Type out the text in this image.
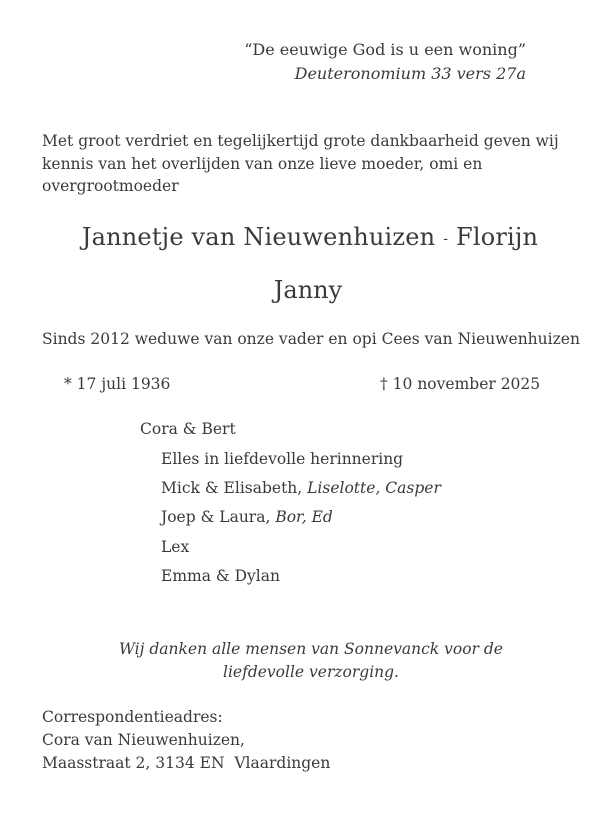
“De eeuwige God is u een woning”
Deuteronomium 33 vers 27a
Met groot verdriet en tegelijkertijd grote dankbaarheid geven wij
kennis van het overlijden van onze lieve moeder, omi en
overgrootmoeder
Jannetje van Nieuwenhuizen - Florijn
Janny
Sinds 2012 weduwe van onze vader en opi Cees van Nieuwenhuizen
* 17 juli 1936	† 10 november 2025
Cora & Bert
Elles in liefdevolle herinnering
Mick & Elisabeth, Liselotte, Casper
Joep & Laura, Bor, Ed
Lex
Emma & Dylan
Wij danken alle mensen van Sonnevanck voor de
liefdevolle verzorging.
Correspondentieadres:
Cora van Nieuwenhuizen,
Maasstraat 2, 3134 EN  Vlaardingen
